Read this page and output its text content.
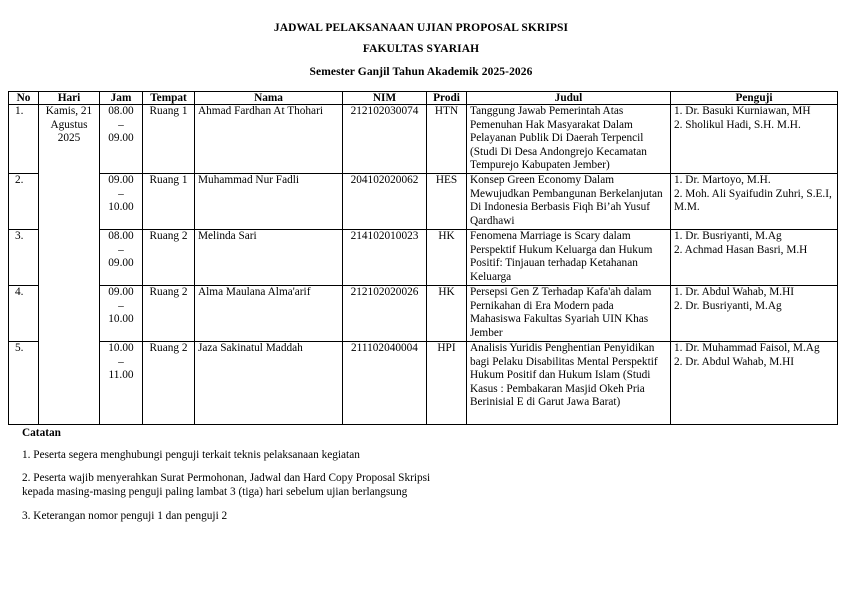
JADWAL PELAKSANAAN UJIAN PROPOSAL SKRIPSI
FAKULTAS SYARIAH
Semester Ganjil Tahun Akademik 2025-2026
No	Hari	Jam	Tempat	Nama	NIM	Prodi	Judul	Penguji
1.	Kamis, 21 Agustus 2025	08.00
–
09.00	Ruang 1	Ahmad Fardhan At Thohari	212102030074	HTN	Tanggung Jawab Pemerintah Atas Pemenuhan Hak Masyarakat Dalam Pelayanan Publik Di Daerah Terpencil (Studi Di Desa Andongrejo Kecamatan Tempurejo Kabupaten Jember)	1. Dr. Basuki Kurniawan, MH
2. Sholikul Hadi, S.H. M.H.

2.		09.00
–
10.00	Ruang 1	Muhammad Nur Fadli	204102020062	HES	Konsep Green Economy Dalam Mewujudkan Pembangunan Berkelanjutan Di Indonesia Berbasis Fiqh Bi’ah Yusuf Qardhawi	1. Dr. Martoyo, M.H.
2. Moh. Ali Syaifudin Zuhri, S.E.I, M.M.

3.		08.00
–
09.00	Ruang 2	Melinda Sari	214102010023	HK	Fenomena Marriage is Scary dalam Perspektif Hukum Keluarga dan Hukum Positif: Tinjauan terhadap Ketahanan Keluarga	1. Dr. Busriyanti, M.Ag
2. Achmad Hasan Basri, M.H

4.		09.00
–
10.00	Ruang 2	Alma Maulana Alma'arif	212102020026	HK	Persepsi Gen Z Terhadap Kafa'ah dalam Pernikahan di Era Modern pada Mahasiswa Fakultas Syariah UIN Khas Jember	1. Dr. Abdul Wahab, M.HI
2. Dr. Busriyanti, M.Ag

5.		10.00
–
11.00	Ruang 2	Jaza Sakinatul Maddah	211102040004	HPI	Analisis Yuridis Penghentian Penyidikan bagi Pelaku Disabilitas Mental Perspektif Hukum Positif dan Hukum Islam (Studi Kasus : Pembakaran Masjid Okeh Pria Berinisial E di Garut Jawa Barat)	1. Dr. Muhammad Faisol, M.Ag
2. Dr. Abdul Wahab, M.HI
Catatan
1. Peserta segera menghubungi penguji terkait teknis pelaksanaan kegiatan
2. Peserta wajib menyerahkan Surat Permohonan, Jadwal dan Hard Copy Proposal Skripsi kepada masing-masing penguji paling lambat 3 (tiga) hari sebelum ujian berlangsung
3. Keterangan nomor penguji 1 dan penguji 2
